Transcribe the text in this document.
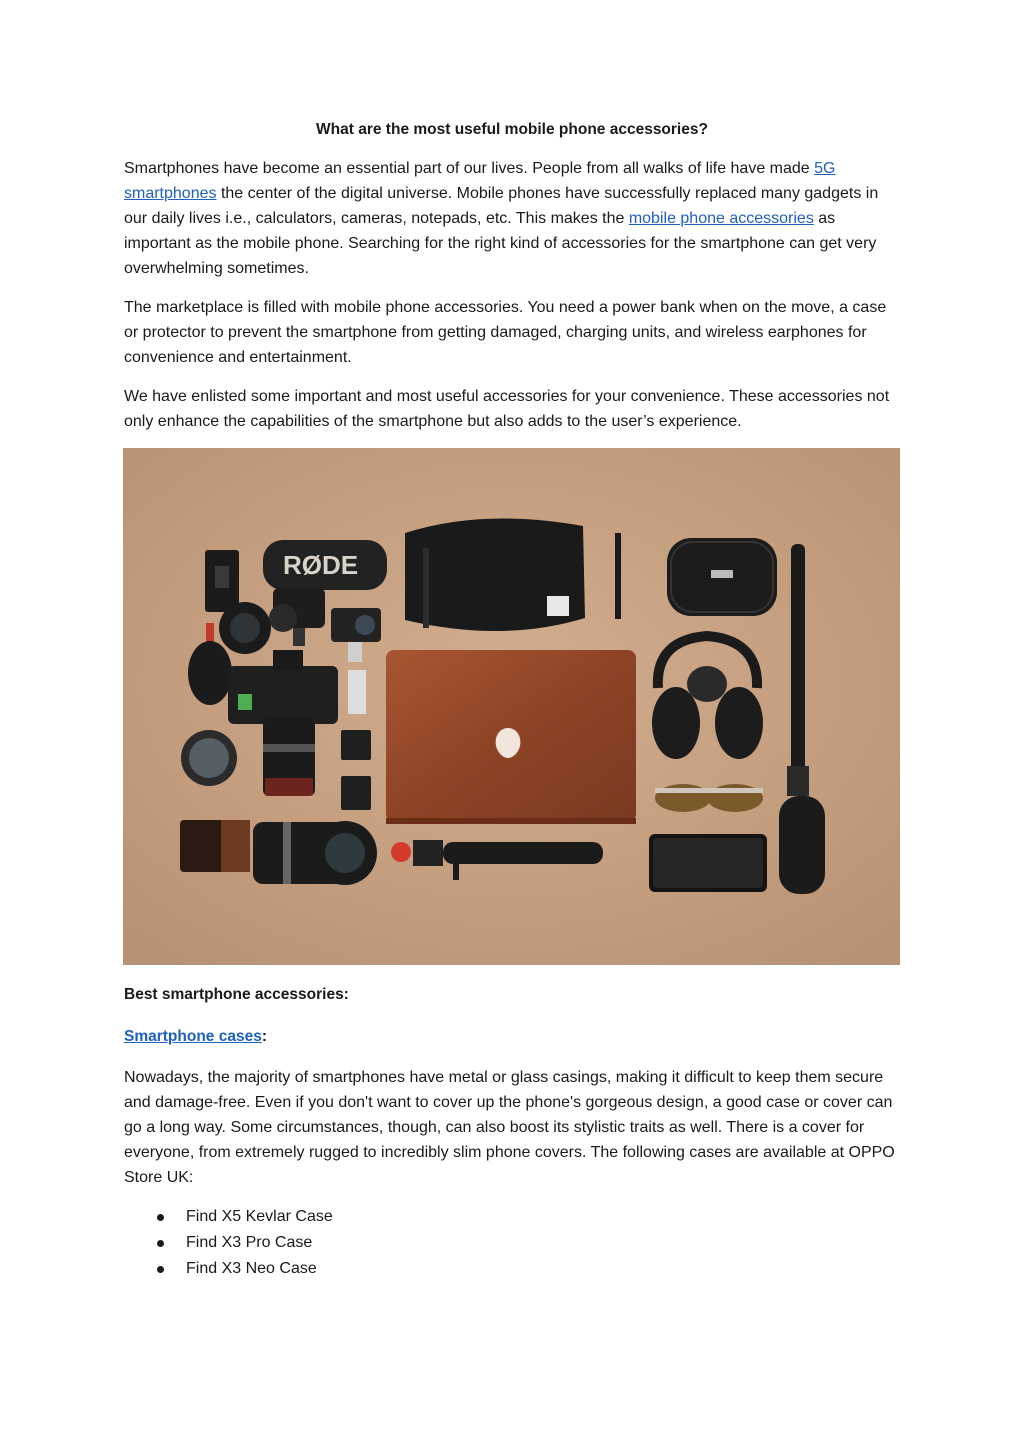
What are the most useful mobile phone accessories?

Smartphones have become an essential part of our lives. People from all walks of life have made 5G smartphones the center of the digital universe. Mobile phones have successfully replaced many gadgets in our daily lives i.e., calculators, cameras, notepads, etc. This makes the mobile phone accessories as important as the mobile phone. Searching for the right kind of accessories for the smartphone can get very overwhelming sometimes.

The marketplace is filled with mobile phone accessories. You need a power bank when on the move, a case or protector to prevent the smartphone from getting damaged, charging units, and wireless earphones for convenience and entertainment.

We have enlisted some important and most useful accessories for your convenience. These accessories not only enhance the capabilities of the smartphone but also adds to the user’s experience.

RØDE
Best smartphone accessories:
Smartphone cases:

Nowadays, the majority of smartphones have metal or glass casings, making it difficult to keep them secure and damage-free. Even if you don't want to cover up the phone's gorgeous design, a good case or cover can go a long way. Some circumstances, though, can also boost its stylistic traits as well. There is a cover for everyone, from extremely rugged to incredibly slim phone covers. The following cases are available at OPPO Store UK:

Find X5 Kevlar Case
Find X3 Pro Case
Find X3 Neo Case
